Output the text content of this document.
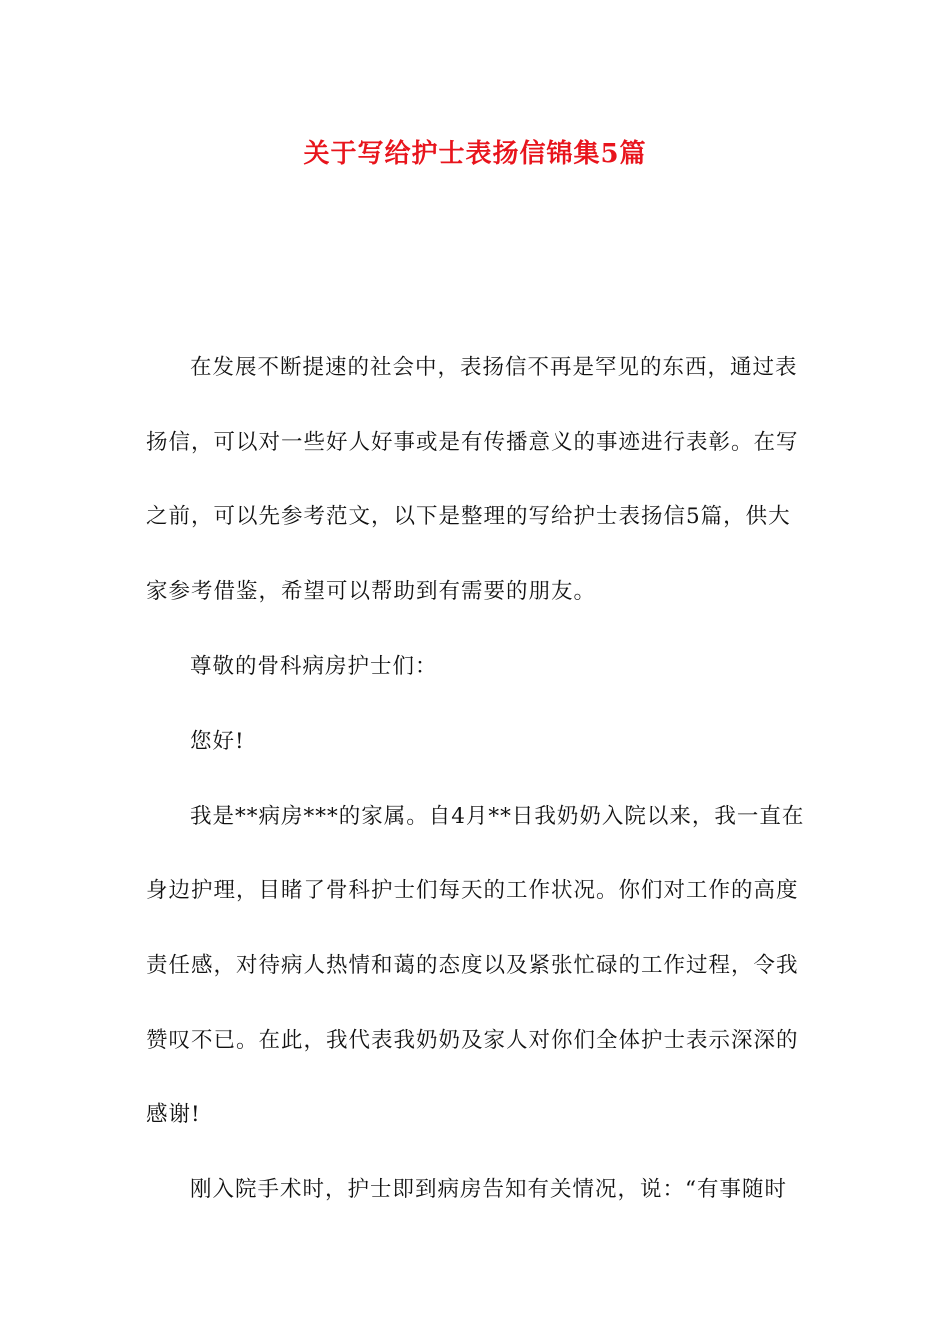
关于写给护士表扬信锦集5篇

在发展不断提速的社会中，表扬信不再是罕见的东西，通过表

扬信，可以对一些好人好事或是有传播意义的事迹进行表彰。在写

之前，可以先参考范文，以下是整理的写给护士表扬信5篇，供大

家参考借鉴，希望可以帮助到有需要的朋友。

尊敬的骨科病房护士们：

您好!

我是**病房***的家属。自4月**日我奶奶入院以来，我一直在

身边护理，目睹了骨科护士们每天的工作状况。你们对工作的高度

责任感，对待病人热情和蔼的态度以及紧张忙碌的工作过程，令我

赞叹不已。在此，我代表我奶奶及家人对你们全体护士表示深深的

感谢!

刚入院手术时，护士即到病房告知有关情况，说：“有事随时
